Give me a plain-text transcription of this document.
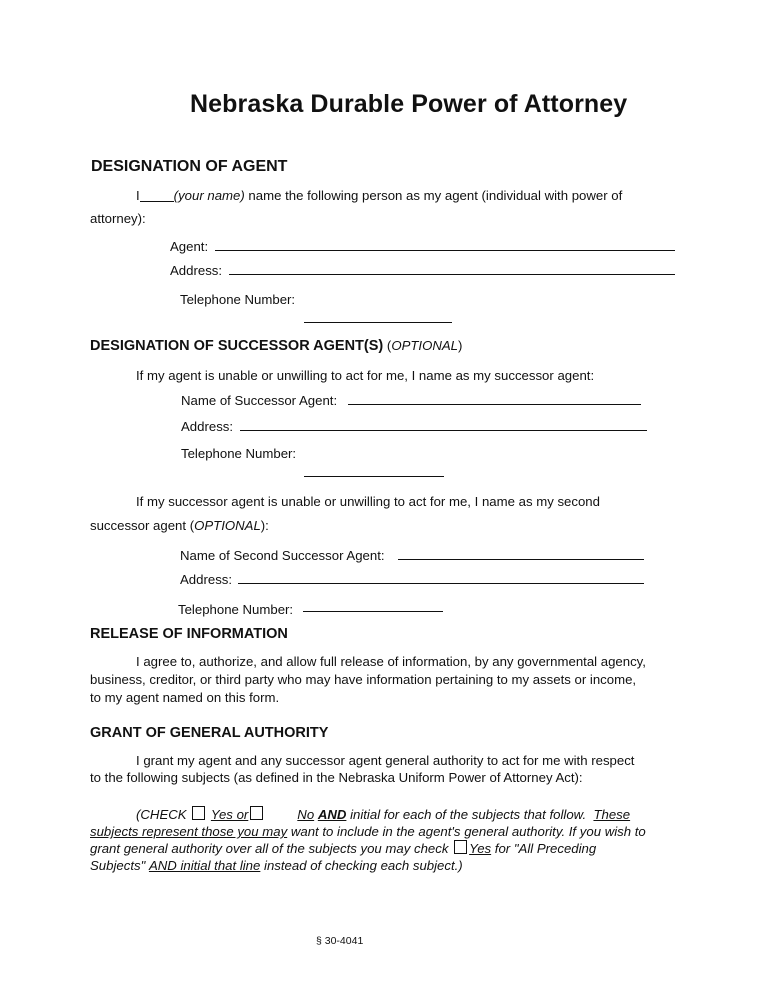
Nebraska Durable Power of Attorney
DESIGNATION OF AGENT
I	(your name) name the following person as my agent (individual with power of
attorney):
Agent:
Address:
Telephone Number:
DESIGNATION OF SUCCESSOR AGENT(S) (OPTIONAL)
If my agent is unable or unwilling to act for me, I name as my successor agent:
Name of Successor Agent:
Address:
Telephone Number:
If my successor agent is unable or unwilling to act for me, I name as my second
successor agent (OPTIONAL):
Name of Second Successor Agent:
Address:
Telephone Number:
RELEASE OF INFORMATION
I agree to, authorize, and allow full release of information, by any governmental agency,
business, creditor, or third party who may have information pertaining to my assets or income,
to my agent named on this form.
GRANT OF GENERAL AUTHORITY
I grant my agent and any successor agent general authority to act for me with respect
to the following subjects (as defined in the Nebraska Uniform Power of Attorney Act):
(CHECK Yes or	No AND initial for each of the subjects that follow. These
subjects represent those you may want to include in the agent's general authority. If you wish to
grant general authority over all of the subjects you may check Yes for "All Preceding
Subjects" AND initial that line instead of checking each subject.)
§ 30-4041
